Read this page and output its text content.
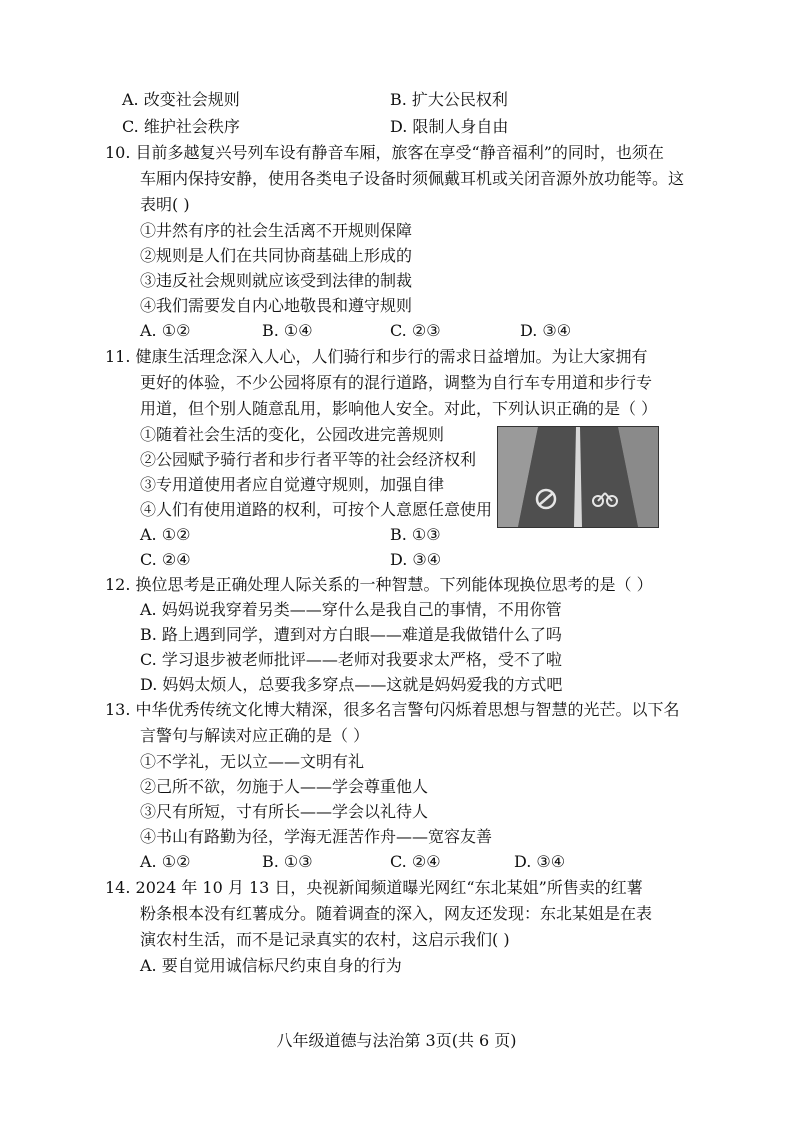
A. 改变社会规则	B. 扩大公民权利
C. 维护社会秩序	D. 限制人身自由
10. 目前多越复兴号列车设有静音车厢，旅客在享受“静音福利”的同时，也须在
车厢内保持安静，使用各类电子设备时须佩戴耳机或关闭音源外放功能等。这
表明( )
①井然有序的社会生活离不开规则保障
②规则是人们在共同协商基础上形成的
③违反社会规则就应该受到法律的制裁
④我们需要发自内心地敬畏和遵守规则
A. ①②	B. ①④	C. ②③	D. ③④
11. 健康生活理念深入人心，人们骑行和步行的需求日益增加。为让大家拥有
更好的体验，不少公园将原有的混行道路，调整为自行车专用道和步行专
用道，但个别人随意乱用，影响他人安全。对此，下列认识正确的是（ ）
①随着社会生活的变化，公园改进完善规则
②公园赋予骑行者和步行者平等的社会经济权利
③专用道使用者应自觉遵守规则，加强自律
④人们有使用道路的权利，可按个人意愿任意使用
A. ①②	B. ①③
C. ②④	D. ③④
12. 换位思考是正确处理人际关系的一种智慧。下列能体现换位思考的是（ ）
A. 妈妈说我穿着另类——穿什么是我自己的事情，不用你管
B. 路上遇到同学，遭到对方白眼——难道是我做错什么了吗
C. 学习退步被老师批评——老师对我要求太严格，受不了啦
D. 妈妈太烦人，总要我多穿点——这就是妈妈爱我的方式吧
13. 中华优秀传统文化博大精深，很多名言警句闪烁着思想与智慧的光芒。以下名
言警句与解读对应正确的是（ ）
①不学礼，无以立——文明有礼
②己所不欲，勿施于人——学会尊重他人
③尺有所短，寸有所长——学会以礼待人
④书山有路勤为径，学海无涯苦作舟——宽容友善
A. ①②	B. ①③	C. ②④	D. ③④
14. 2024 年 10 月 13 日，央视新闻频道曝光网红“东北某姐”所售卖的红薯
粉条根本没有红薯成分。随着调查的深入，网友还发现：东北某姐是在表
演农村生活，而不是记录真实的农村，这启示我们( )
A. 要自觉用诚信标尺约束自身的行为
八年级道德与法治第 3页(共 6 页)
